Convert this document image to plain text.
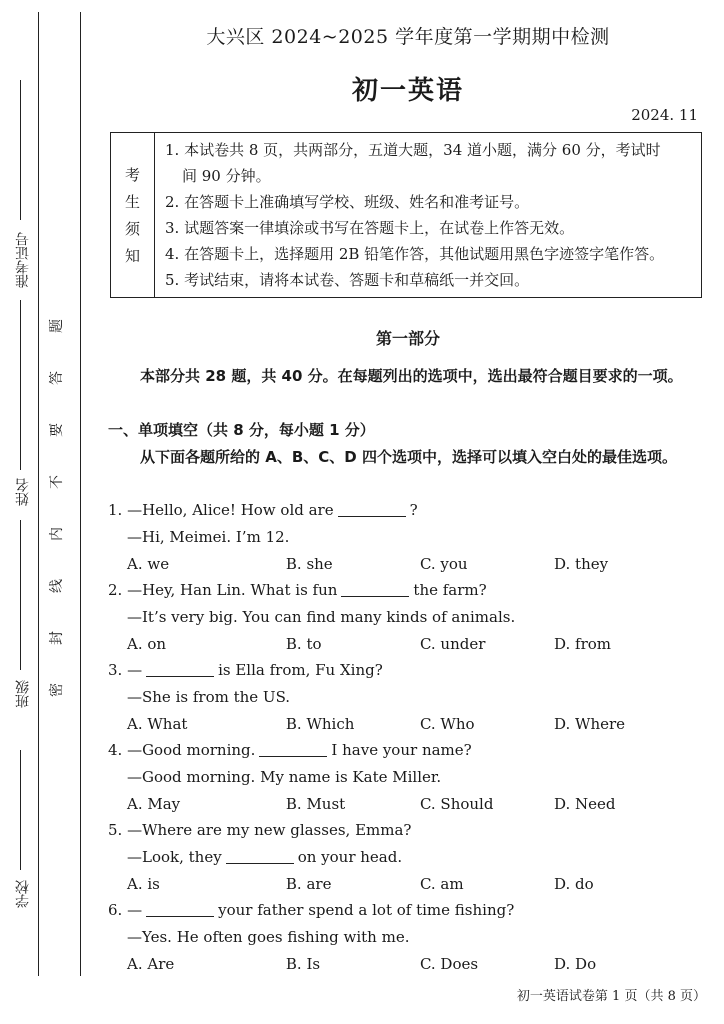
准考证号
姓名
班级
学校
题
答
要
不
内
线
封
密
大兴区 2024~2025 学年度第一学期期中检测
初一英语
2024. 11
考
生
须
知

1. 本试卷共 8 页，共两部分，五道大题，34 道小题，满分 60 分，考试时

间 90 分钟。

2. 在答题卡上准确填写学校、班级、姓名和准考证号。

3. 试题答案一律填涂或书写在答题卡上，在试卷上作答无效。

4. 在答题卡上，选择题用 2B 铅笔作答，其他试题用黑色字迹签字笔作答。

5. 考试结束，请将本试卷、答题卡和草稿纸一并交回。

第一部分
本部分共 28 题，共 40 分。在每题列出的选项中，选出最符合题目要求的一项。
一、单项填空（共 8 分，每小题 1 分）
从下面各题所给的 A、B、C、D 四个选项中，选择可以填入空白处的最佳选项。
1. —Hello, Alice! How old are	?
—Hi, Meimei. I’m 12.
A. we	B. she	C. you	D. they
2. —Hey, Han Lin. What is fun	the farm?
—It’s very big. You can find many kinds of animals.
A. on	B. to	C. under	D. from
3. —	is Ella from, Fu Xing?
—She is from the US.
A. What	B. Which	C. Who	D. Where
4. —Good morning.	I have your name?
—Good morning. My name is Kate Miller.
A. May	B. Must	C. Should	D. Need
5. —Where are my new glasses, Emma?
—Look, they	on your head.
A. is	B. are	C. am	D. do
6. —	your father spend a lot of time fishing?
—Yes. He often goes fishing with me.
A. Are	B. Is	C. Does	D. Do
初一英语试卷第 1 页（共 8 页）
